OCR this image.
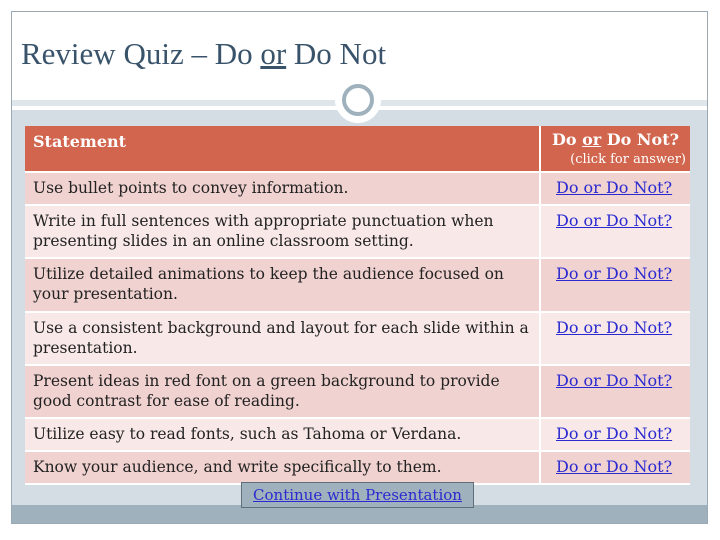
Review Quiz – Do or Do Not
Statement	Do or Do Not?
(click for answer)

Use bullet points to convey information.	Do or Do Not?
Write in full sentences with appropriate punctuation when presenting slides in an online classroom setting.	Do or Do Not?
Utilize detailed animations to keep the audience focused on your presentation.	Do or Do Not?
Use a consistent background and layout for each slide within a presentation.	Do or Do Not?
Present ideas in red font on a green background to provide good contrast for ease of reading.	Do or Do Not?
Utilize easy to read fonts, such as Tahoma or Verdana.	Do or Do Not?
Know your audience, and write specifically to them.	Do or Do Not?
Continue with Presentation
